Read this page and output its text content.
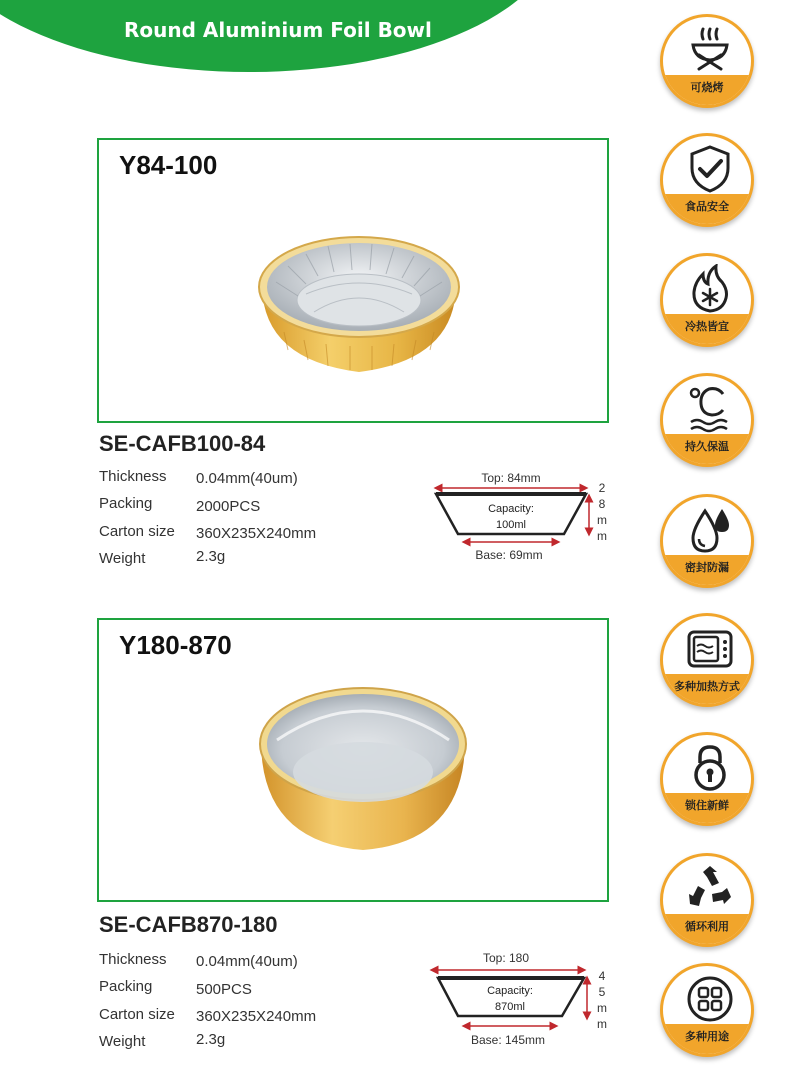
Round Aluminium Foil Bowl
Y84-100
SE-CAFB100-84
Thickness 0.04mm(40um)
Packing	2000PCS
Carton size 360X235X240mm
Weight	2.3g
Top: 84mm
Capacity:
100ml
Base: 69mm
2
8
m
m
Y180-870
SE-CAFB870-180
Thickness 0.04mm(40um)
Packing	500PCS
Carton size 360X235X240mm
Weight	2.3g
Top: 180
Capacity:
870ml
Base: 145mm
4
5
m
m
可烧烤
食品安全
冷热皆宜
持久保温
密封防漏
多种加热方式
锁住新鲜
循环利用
多种用途
